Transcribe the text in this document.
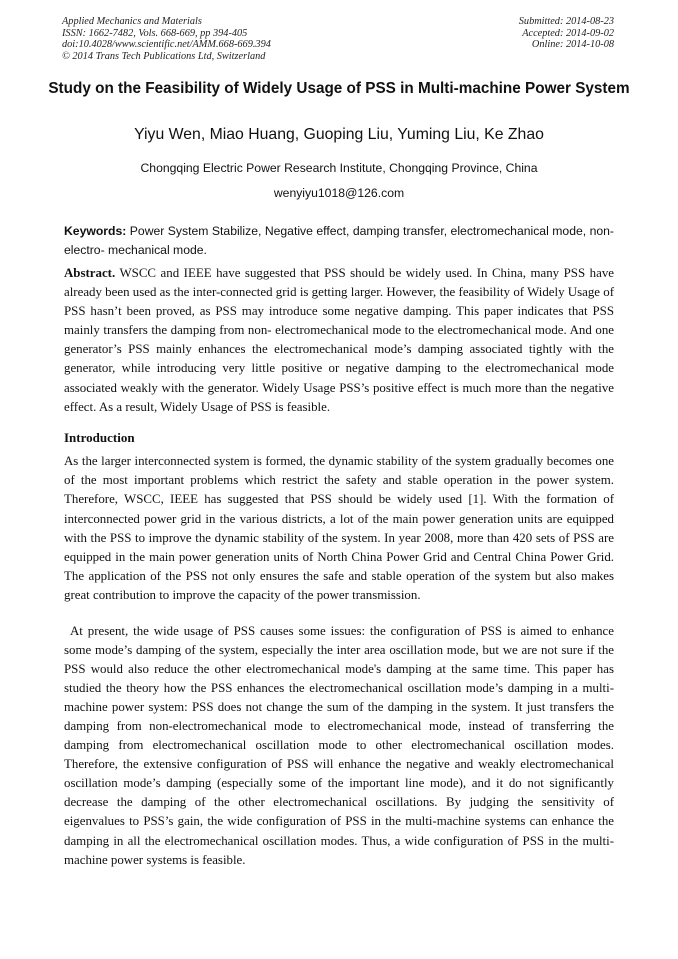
Applied Mechanics and Materials
ISSN: 1662-7482, Vols. 668-669, pp 394-405
doi:10.4028/www.scientific.net/AMM.668-669.394
© 2014 Trans Tech Publications Ltd, Switzerland
Submitted: 2014-08-23
Accepted: 2014-09-02
Online: 2014-10-08
Study on the Feasibility of Widely Usage of PSS in Multi-machine Power System
Yiyu Wen, Miao Huang, Guoping Liu, Yuming Liu, Ke Zhao
Chongqing Electric Power Research Institute, Chongqing Province, China
wenyiyu1018@126.com
Keywords: Power System Stabilize, Negative effect, damping transfer, electromechanical mode, non-electro- mechanical mode.

Abstract. WSCC and IEEE have suggested that PSS should be widely used. In China, many PSS have already been used as the inter-connected grid is getting larger. However, the feasibility of Widely Usage of PSS hasn’t been proved, as PSS may introduce some negative damping. This paper indicates that PSS mainly transfers the damping from non- electromechanical mode to the electromechanical mode. And one generator’s PSS mainly enhances the electromechanical mode’s damping associated tightly with the generator, while introducing very little positive or negative damping to the electromechanical mode associated weakly with the generator. Widely Usage PSS’s positive effect is much more than the negative effect. As a result, Widely Usage of PSS is feasible.

Introduction

As the larger interconnected system is formed, the dynamic stability of the system gradually becomes one of the most important problems which restrict the safety and stable operation in the power system. Therefore, WSCC, IEEE has suggested that PSS should be widely used [1]. With the formation of interconnected power grid in the various districts, a lot of the main power generation units are equipped with the PSS to improve the dynamic stability of the system. In year 2008, more than 420 sets of PSS are equipped in the main power generation units of North China Power Grid and Central China Power Grid. The application of the PSS not only ensures the safe and stable operation of the system but also makes great contribution to improve the capacity of the power transmission.

At present, the wide usage of PSS causes some issues: the configuration of PSS is aimed to enhance some mode’s damping of the system, especially the inter area oscillation mode, but we are not sure if the PSS would also reduce the other electromechanical mode's damping at the same time. This paper has studied the theory how the PSS enhances the electromechanical oscillation mode’s damping in a multi-machine power system: PSS does not change the sum of the damping in the system. It just transfers the damping from non-electromechanical mode to electromechanical mode, instead of transferring the damping from electromechanical oscillation mode to other electromechanical oscillation modes. Therefore, the extensive configuration of PSS will enhance the negative and weakly electromechanical oscillation mode’s damping (especially some of the important line mode), and it do not significantly decrease the damping of the other electromechanical oscillations. By judging the sensitivity of eigenvalues to PSS’s gain, the wide configuration of PSS in the multi-machine systems can enhance the damping in all the electromechanical oscillation modes. Thus, a wide configuration of PSS in the multi-machine power systems is feasible.
